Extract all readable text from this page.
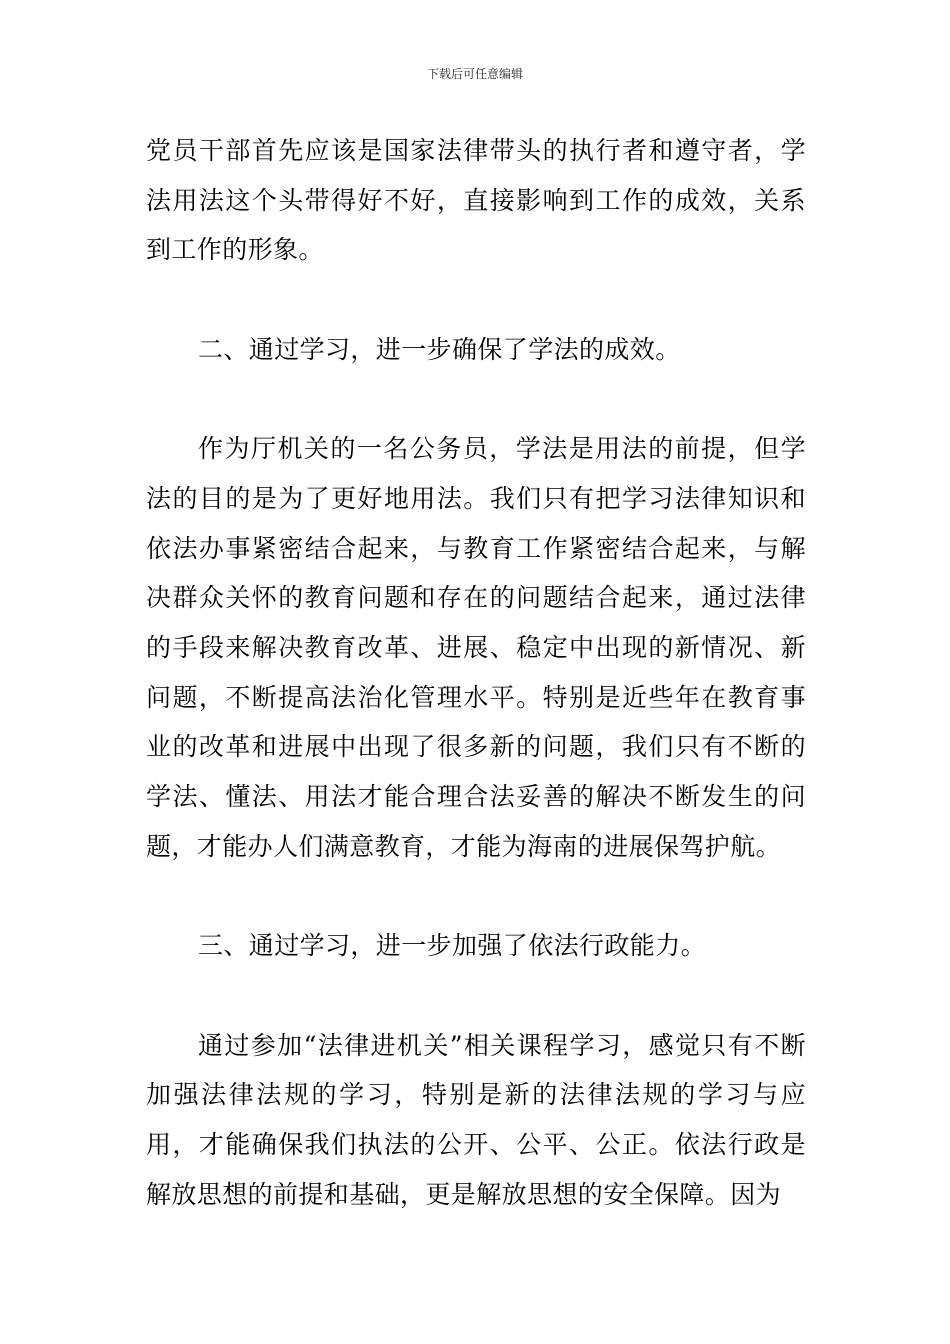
下载后可任意编辑

党员干部首先应该是国家法律带头的执行者和遵守者，学法用法这个头带得好不好，直接影响到工作的成效，关系到工作的形象。

二、通过学习，进一步确保了学法的成效。

作为厅机关的一名公务员，学法是用法的前提，但学法的目的是为了更好地用法。我们只有把学习法律知识和依法办事紧密结合起来，与教育工作紧密结合起来，与解决群众关怀的教育问题和存在的问题结合起来，通过法律的手段来解决教育改革、进展、稳定中出现的新情况、新问题，不断提高法治化管理水平。特别是近些年在教育事业的改革和进展中出现了很多新的问题，我们只有不断的学法、懂法、用法才能合理合法妥善的解决不断发生的问题，才能办人们满意教育，才能为海南的进展保驾护航。

三、通过学习，进一步加强了依法行政能力。

通过参加“法律进机关”相关课程学习，感觉只有不断加强法律法规的学习，特别是新的法律法规的学习与应用，才能确保我们执法的公开、公平、公正。依法行政是解放思想的前提和基础，更是解放思想的安全保障。因为
